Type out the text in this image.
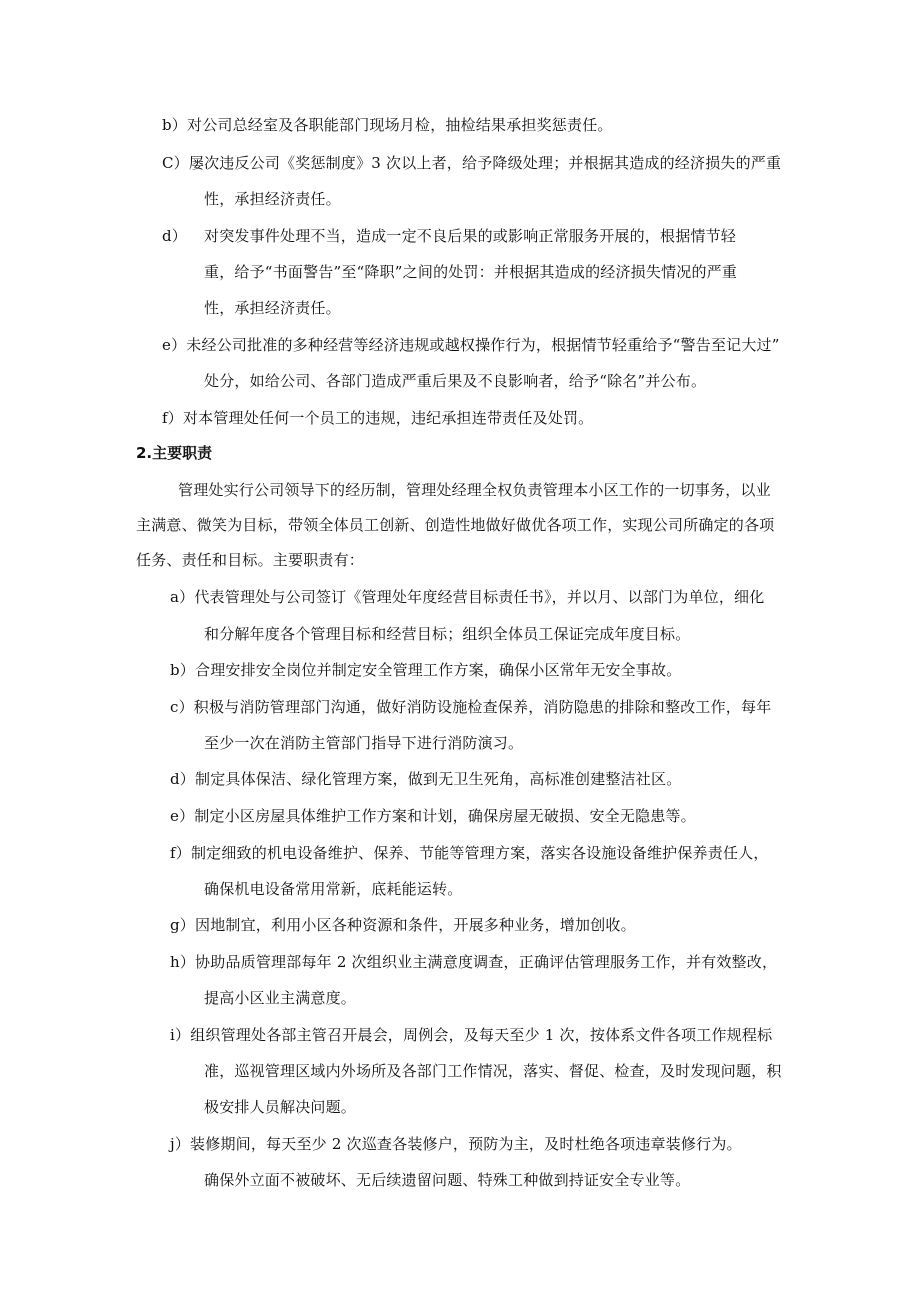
b）对公司总经室及各职能部门现场月检，抽检结果承担奖惩责任。
C）屡次违反公司《奖惩制度》3 次以上者，给予降级处理；并根据其造成的经济损失的严重
性，承担经济责任。
d） 对突发事件处理不当，造成一定不良后果的或影响正常服务开展的，根据情节轻
重，给予“书面警告”至“降职”之间的处罚：并根据其造成的经济损失情况的严重
性，承担经济责任。
e）未经公司批准的多种经营等经济违规或越权操作行为，根据情节轻重给予“警告至记大过”
处分，如给公司、各部门造成严重后果及不良影响者，给予“除名”并公布。
f）对本管理处任何一个员工的违规，违纪承担连带责任及处罚。
2.主要职责
管理处实行公司领导下的经历制，管理处经理全权负责管理本小区工作的一切事务，以业
主满意、微笑为目标，带领全体员工创新、创造性地做好做优各项工作，实现公司所确定的各项
任务、责任和目标。主要职责有：
a）代表管理处与公司签订《管理处年度经营目标责任书》，并以月、以部门为单位，细化
和分解年度各个管理目标和经营目标；组织全体员工保证完成年度目标。
b）合理安排安全岗位并制定安全管理工作方案，确保小区常年无安全事故。
c）积极与消防管理部门沟通，做好消防设施检查保养，消防隐患的排除和整改工作，每年
至少一次在消防主管部门指导下进行消防演习。
d）制定具体保洁、绿化管理方案，做到无卫生死角，高标准创建整洁社区。
e）制定小区房屋具体维护工作方案和计划，确保房屋无破损、安全无隐患等。
f）制定细致的机电设备维护、保养、节能等管理方案，落实各设施设备维护保养责任人，
确保机电设备常用常新，底耗能运转。
g）因地制宜，利用小区各种资源和条件，开展多种业务，增加创收。
h）协助品质管理部每年 2 次组织业主满意度调查，正确评估管理服务工作，并有效整改，
提高小区业主满意度。
i）组织管理处各部主管召开晨会，周例会，及每天至少 1 次，按体系文件各项工作规程标
准，巡视管理区域内外场所及各部门工作情况，落实、督促、检查，及时发现问题，积
极安排人员解决问题。
j）装修期间，每天至少 2 次巡查各装修户，预防为主，及时杜绝各项违章装修行为。
确保外立面不被破坏、无后续遗留问题、特殊工种做到持证安全专业等。
